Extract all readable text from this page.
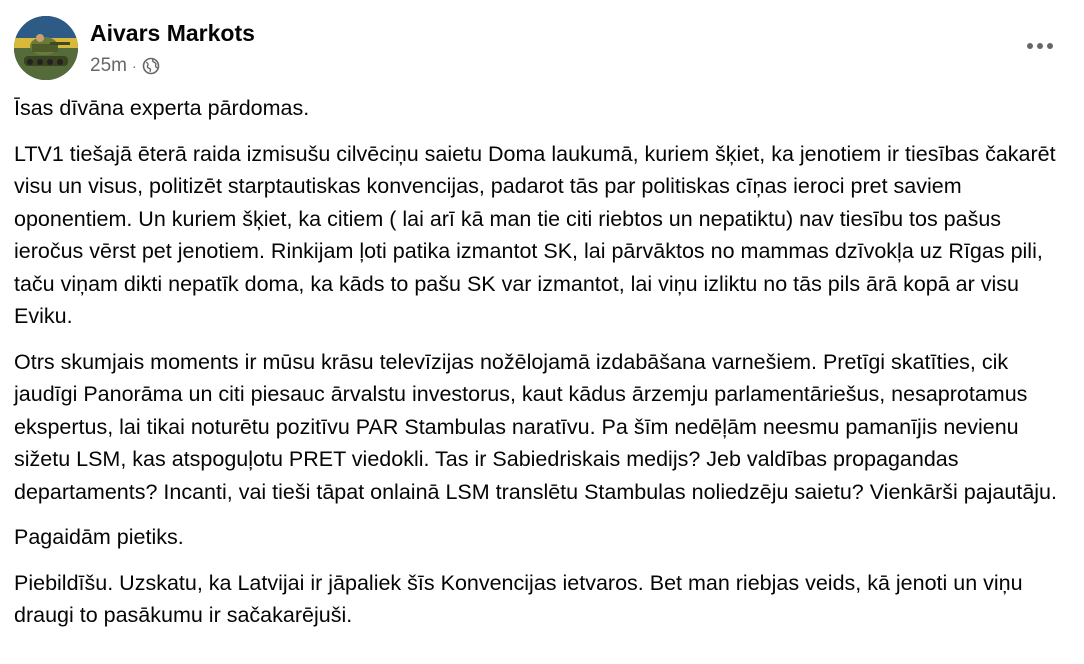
Aivars Markots
25m ·

Īsas dīvāna experta pārdomas.

LTV1 tiešajā ēterā raida izmisušu cilvēciņu saietu Doma laukumā, kuriem šķiet, ka jenotiem ir tiesības čakarēt visu un visus, politizēt starptautiskas konvencijas, padarot tās par politiskas cīņas ieroci pret saviem oponentiem. Un kuriem šķiet, ka citiem ( lai arī kā man tie citi riebtos un nepatiktu) nav tiesību tos pašus ieročus vērst pet jenotiem. Rinkijam ļoti patika izmantot SK, lai pārvāktos no mammas dzīvokļa uz Rīgas pili, taču viņam dikti nepatīk doma, ka kāds to pašu SK var izmantot, lai viņu izliktu no tās pils ārā kopā ar visu Eviku.

Otrs skumjais moments ir mūsu krāsu televīzijas nožēlojamā izdabāšana varnešiem. Pretīgi skatīties, cik jaudīgi Panorāma un citi piesauc ārvalstu investorus, kaut kādus ārzemju parlamentāriešus, nesaprotamus ekspertus, lai tikai noturētu pozitīvu PAR Stambulas naratīvu. Pa šīm nedēļām neesmu pamanījis nevienu sižetu LSM, kas atspoguļotu PRET viedokli. Tas ir Sabiedriskais medijs? Jeb valdības propagandas departaments? Incanti, vai tieši tāpat onlainā LSM translētu Stambulas noliedzēju saietu? Vienkārši pajautāju.

Pagaidām pietiks.

Piebildīšu. Uzskatu, ka Latvijai ir jāpaliek šīs Konvencijas ietvaros. Bet man riebjas veids, kā jenoti un viņu draugi to pasākumu ir sačakarējuši.
